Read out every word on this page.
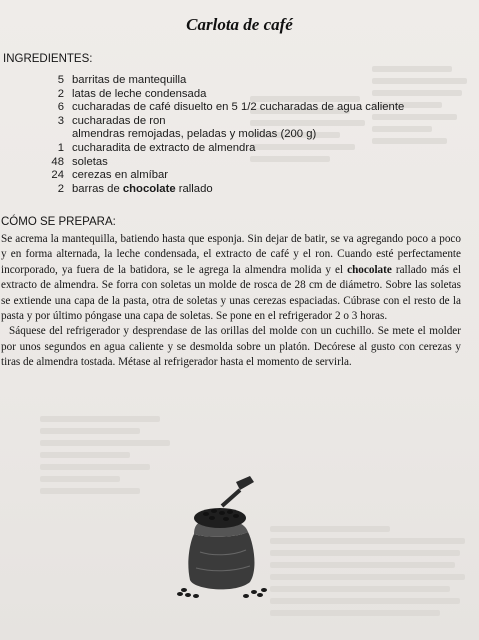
Carlota de café
INGREDIENTES:
5 barritas de mantequilla
2 latas de leche condensada
6 cucharadas de café disuelto en 5 1/2 cucharadas de agua caliente
3 cucharadas de ron
almendras remojadas, peladas y molidas (200 g)
1 cucharadita de extracto de almendra
48 soletas
24 cerezas en almíbar
2 barras de chocolate rallado
CÓMO SE PREPARA:

Se acrema la mantequilla, batiendo hasta que esponja. Sin dejar de batir, se va agregando poco a poco y en forma alternada, la leche condensada, el extracto de café y el ron. Cuando esté perfectamente incorporado, ya fuera de la batidora, se le agrega la almendra molida y el chocolate rallado más el extracto de almendra. Se forra con soletas un molde de rosca de 28 cm de diámetro. Sobre las soletas se extiende una capa de la pasta, otra de soletas y unas cerezas espaciadas. Cúbrase con el resto de la pasta y por último póngase una capa de soletas. Se pone en el refrigerador 2 o 3 horas.

Sáquese del refrigerador y desprendase de las orillas del molde con un cuchillo. Se mete el molder por unos segundos en agua caliente y se desmolda sobre un platón. Decórese al gusto con cerezas y tiras de almendra tostada. Métase al refrigerador hasta el momento de servirla.
